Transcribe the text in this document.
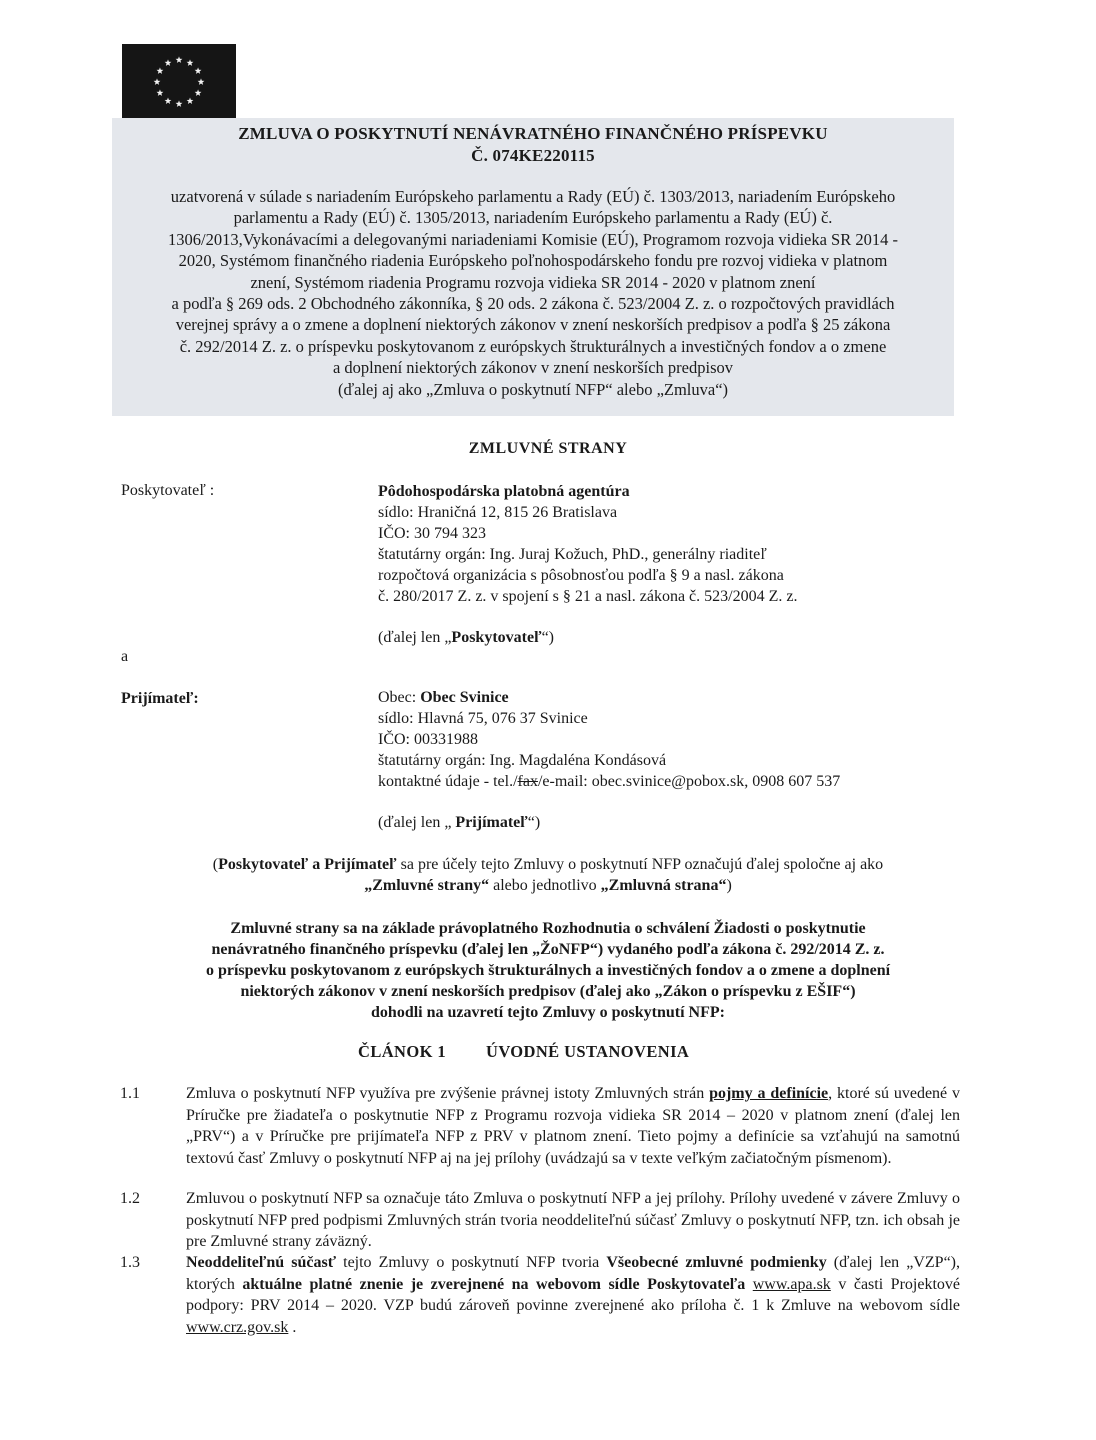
ZMLUVA O POSKYTNUTÍ NENÁVRATNÉHO FINANČNÉHO PRÍSPEVKU
Č. 074KE220115

uzatvorená v súlade s nariadením Európskeho parlamentu a Rady (EÚ) č. 1303/2013, nariadením Európskeho

parlamentu a Rady (EÚ) č. 1305/2013, nariadením Európskeho parlamentu a Rady (EÚ) č.

1306/2013,Vykonávacími a delegovanými nariadeniami Komisie (EÚ), Programom rozvoja vidieka SR 2014 -

2020, Systémom finančného riadenia Európskeho poľnohospodárskeho fondu pre rozvoj vidieka v platnom

znení, Systémom riadenia Programu rozvoja vidieka SR 2014 - 2020 v platnom znení

a podľa § 269 ods. 2 Obchodného zákonníka, § 20 ods. 2 zákona č. 523/2004 Z. z. o rozpočtových pravidlách

verejnej správy a o zmene a doplnení niektorých zákonov v znení neskorších predpisov a podľa § 25 zákona

č. 292/2014 Z. z. o príspevku poskytovanom z európskych štrukturálnych a investičných fondov a o zmene

a doplnení niektorých zákonov v znení neskorších predpisov

(ďalej aj ako „Zmluva o poskytnutí NFP“ alebo „Zmluva“)

ZMLUVNÉ STRANY
Poskytovateľ :	Pôdohospodárska platobná agentúra
sídlo: Hraničná 12, 815 26 Bratislava
IČO: 30 794 323
štatutárny orgán: Ing. Juraj Kožuch, PhD., generálny riaditeľ
rozpočtová organizácia s pôsobnosťou podľa § 9 a nasl. zákona
č. 280/2017 Z. z. v spojení s § 21 a nasl. zákona č. 523/2004 Z. z.
(ďalej len „Poskytovateľ“)
a
Prijímateľ:	Obec: Obec Svinice
sídlo: Hlavná 75, 076 37 Svinice
IČO: 00331988
štatutárny orgán: Ing. Magdaléna Kondásová
kontaktné údaje - tel./fax/e-mail: obec.svinice@pobox.sk, 0908 607 537
(ďalej len „ Prijímateľ“)
(Poskytovateľ a Prijímateľ sa pre účely tejto Zmluvy o poskytnutí NFP označujú ďalej spoločne aj ako
„Zmluvné strany“ alebo jednotlivo „Zmluvná strana“)
Zmluvné strany sa na základe právoplatného Rozhodnutia o schválení Žiadosti o poskytnutie
nenávratného finančného príspevku (ďalej len „ŽoNFP“) vydaného podľa zákona č. 292/2014 Z. z.
o príspevku poskytovanom z európskych štrukturálnych a investičných fondov a o zmene a doplnení
niektorých zákonov v znení neskorších predpisov (ďalej ako „Zákon o príspevku z EŠIF“)
dohodli na uzavretí tejto Zmluvy o poskytnutí NFP:
ČLÁNOK 1 ÚVODNÉ USTANOVENIA
1.1	Zmluva o poskytnutí NFP využíva pre zvýšenie právnej istoty Zmluvných strán pojmy a definície, ktoré sú uvedené v Príručke pre žiadateľa o poskytnutie NFP z Programu rozvoja vidieka SR 2014 – 2020 v platnom znení (ďalej len „PRV“) a v Príručke pre prijímateľa NFP z PRV v platnom znení. Tieto pojmy a definície sa vzťahujú na samotnú textovú časť Zmluvy o poskytnutí NFP aj na jej prílohy (uvádzajú sa v texte veľkým začiatočným písmenom).
1.2	Zmluvou o poskytnutí NFP sa označuje táto Zmluva o poskytnutí NFP a jej prílohy. Prílohy uvedené v závere Zmluvy o poskytnutí NFP pred podpismi Zmluvných strán tvoria neoddeliteľnú súčasť Zmluvy o poskytnutí NFP, tzn. ich obsah je pre Zmluvné strany záväzný.
1.3	Neoddeliteľnú súčasť tejto Zmluvy o poskytnutí NFP tvoria Všeobecné zmluvné podmienky (ďalej len „VZP“), ktorých aktuálne platné znenie je zverejnené na webovom sídle Poskytovateľa www.apa.sk v časti Projektové podpory: PRV 2014 – 2020. VZP budú zároveň povinne zverejnené ako príloha č. 1 k Zmluve na webovom sídle www.crz.gov.sk .
